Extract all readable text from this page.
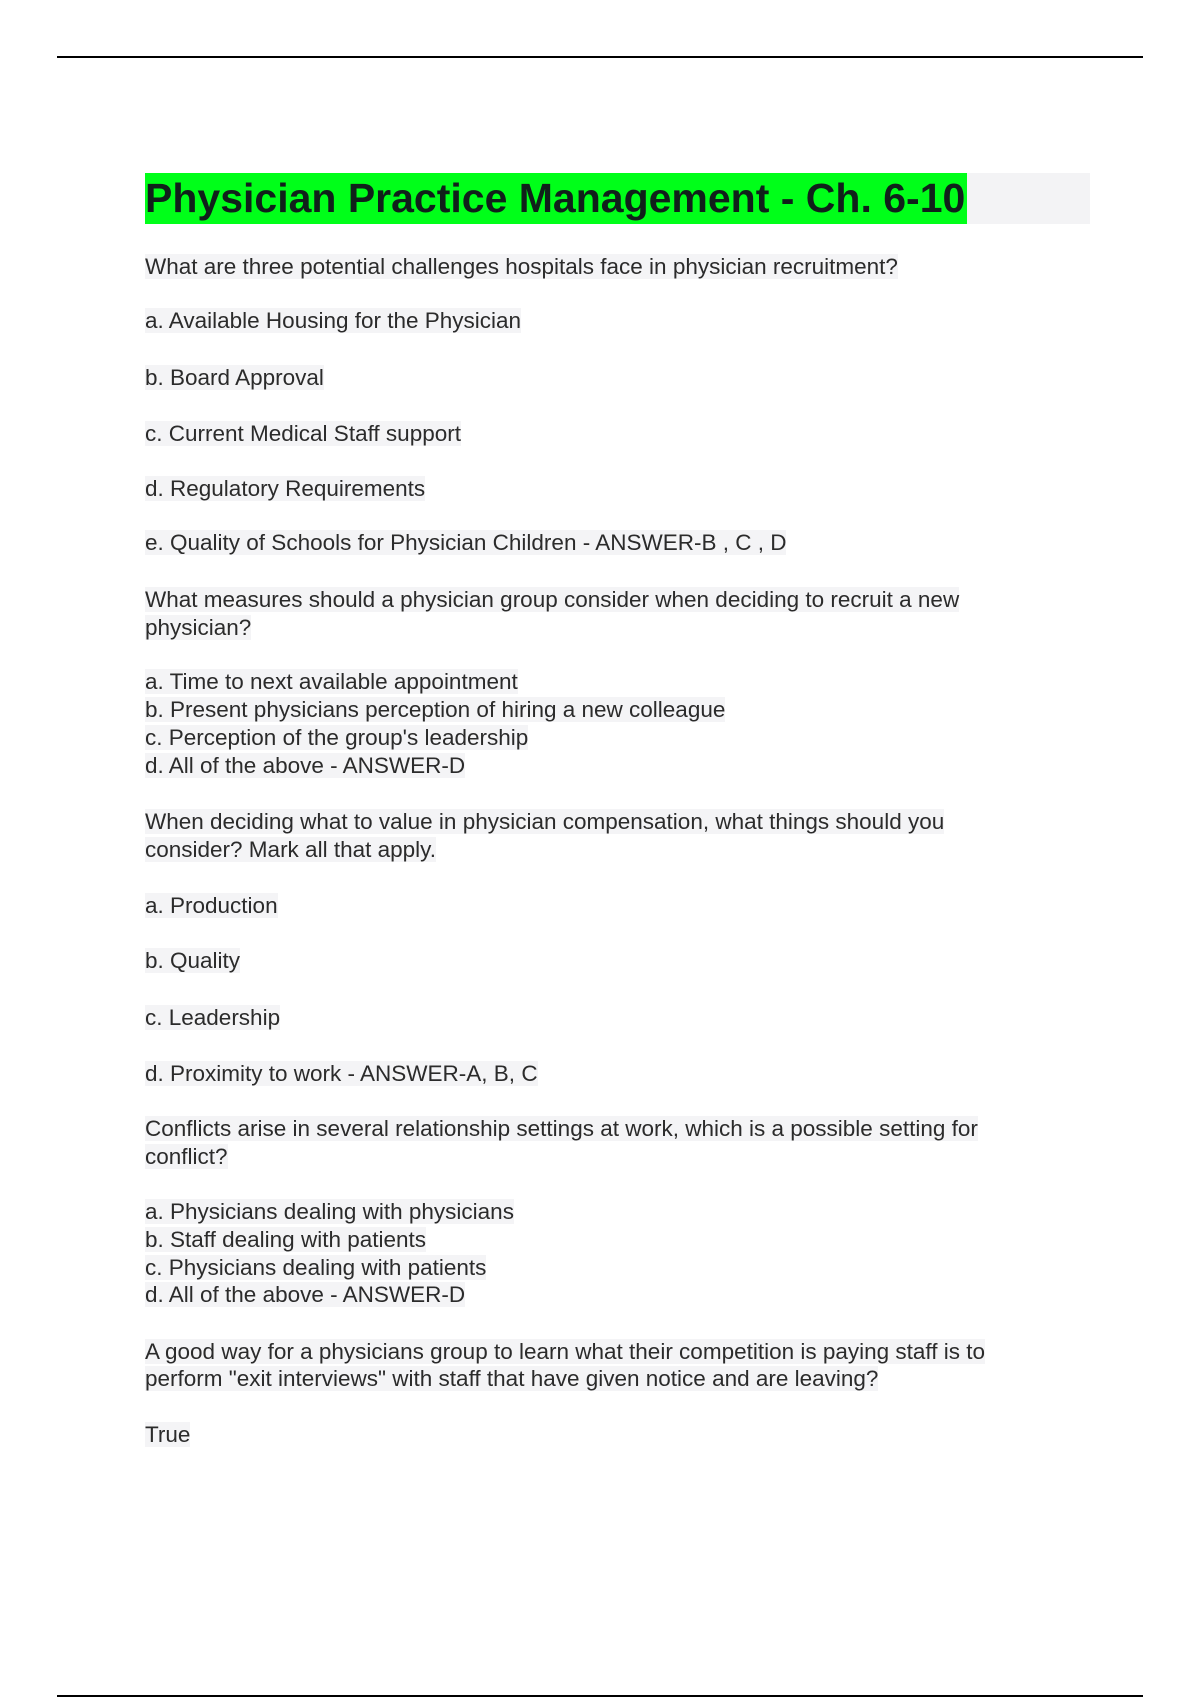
Physician Practice Management - Ch. 6-10
What are three potential challenges hospitals face in physician recruitment?
a. Available Housing for the Physician
b. Board Approval
c. Current Medical Staff support
d. Regulatory Requirements
e. Quality of Schools for Physician Children - ANSWER-B , C , D
What measures should a physician group consider when deciding to recruit a new
physician?
a. Time to next available appointment
b. Present physicians perception of hiring a new colleague
c. Perception of the group's leadership
d. All of the above - ANSWER-D
When deciding what to value in physician compensation, what things should you
consider? Mark all that apply.
a. Production
b. Quality
c. Leadership
d. Proximity to work - ANSWER-A, B, C
Conflicts arise in several relationship settings at work, which is a possible setting for
conflict?
a. Physicians dealing with physicians
b. Staff dealing with patients
c. Physicians dealing with patients
d. All of the above - ANSWER-D
A good way for a physicians group to learn what their competition is paying staff is to
perform "exit interviews" with staff that have given notice and are leaving?
True
